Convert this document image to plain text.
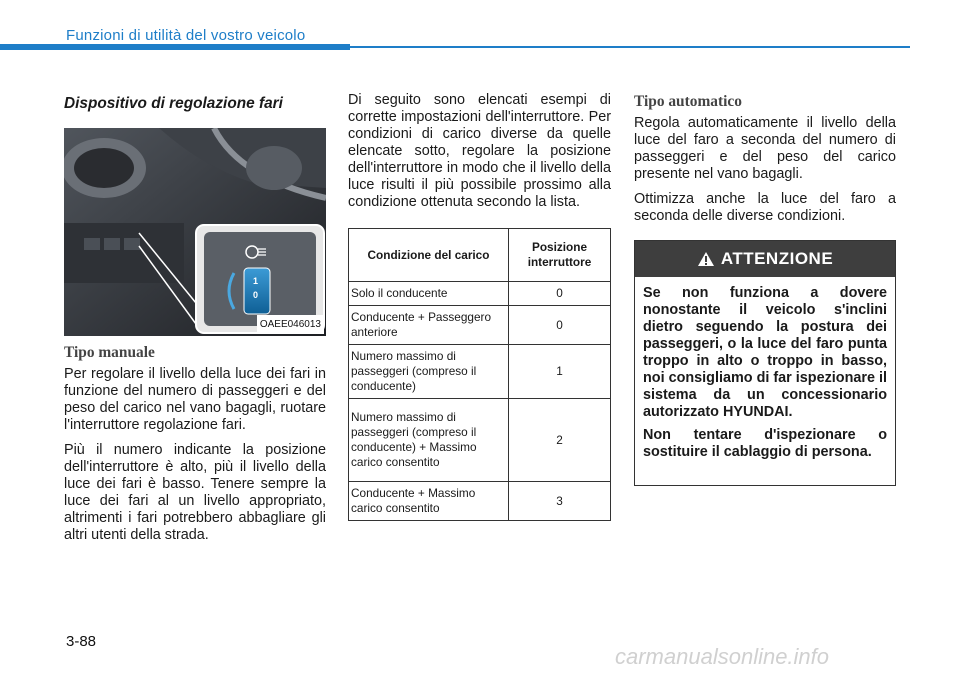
Funzioni di utilità del vostro veicolo
Dispositivo di regolazione fari
1
0
OAEE046013
Tipo manuale

Per regolare il livello della luce dei fari in funzione del numero di passeggeri e del peso del carico nel vano bagagli, ruotare l'interruttore regolazione fari.

Più il numero indicante la posizione dell'interruttore è alto, più il livello della luce dei fari è basso. Tenere sempre la luce dei fari al un livello appropriato, altrimenti i fari potrebbero abbagliare gli altri utenti della strada.

Di seguito sono elencati esempi di corrette impostazioni dell'interruttore. Per condizioni di carico diverse da quelle elencate sotto, regolare la posizione dell'interruttore in modo che il livello della luce risulti il più possibile prossimo alla condizione ottenuta secondo la lista.

Condizione del carico	Posizione interruttore
Solo il conducente	0
Conducente + Passeggero anteriore	0
Numero massimo di passeggeri (compreso il conducente)	1
Numero massimo di passeggeri (compreso il conducente) + Massimo carico consentito	2
Conducente + Massimo carico consentito	3
Tipo automatico

Regola automaticamente il livello della luce del faro a seconda del numero di passeggeri e del peso del carico presente nel vano bagagli.

Ottimizza anche la luce del faro a seconda delle diverse condizioni.

ATTENZIONE

Se non funziona a dovere nonostante il veicolo s'inclini dietro seguendo la postura dei passeggeri, o la luce del faro punta troppo in alto o troppo in basso, noi consigliamo di far ispezionare il sistema da un concessionario autorizzato HYUNDAI.

Non tentare d'ispezionare o sostituire il cablaggio di persona.

3-88
carmanualsonline.info
